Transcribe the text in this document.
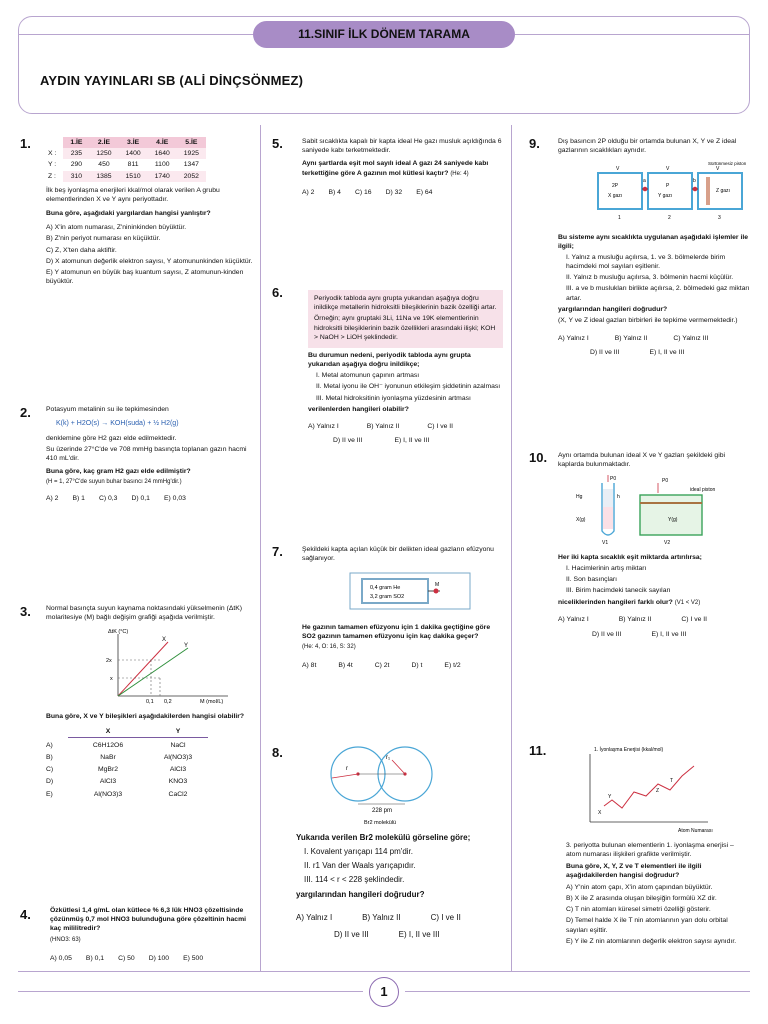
11.SINIF İLK DÖNEM TARAMA
AYDIN YAYINLARI SB (ALİ DİNÇSÖNMEZ)
1.
		1.İE	2.İE	3.İE	4.İE	5.İE
X :	235	1250	1400	1640	1925
Y :	290	450	811	1100	1347
Z :	310	1385	1510	1740	2052

İlk beş iyonlaşma enerjileri kkal/mol olarak verilen A grubu elementlerinden X ve Y aynı periyottadır.

Buna göre, aşağıdaki yargılardan hangisi yanlıştır?

A) X'in atom numarası, Z'nininkinden büyüktür.

B) Z'nin periyot numarası en küçüktür.

C) Z, X'ten daha aktiftir.

D) X atomunun değerlik elektron sayısı, Y atomununkinden küçüktür.

E) Y atomunun en büyük baş kuantum sayısı, Z atomunun-kinden büyüktür.

2. Potasyum metalinin su ile tepkimesinden

K(k) + H2O(s) → KOH(suda) + ½ H2(g)

denklemine göre H2 gazı elde edilmektedir.

Su üzerinde 27°C'de ve 708 mmHg basınçta toplanan gazın hacmi 410 mL'dir.

Buna göre, kaç gram H2 gazı elde edilmiştir?

(H = 1, 27°C'de suyun buhar basıncı 24 mmHg'dir.)

A) 2 B) 1 C) 0,3 D) 0,1 E) 0,03
3. Normal basınçta suyun kaynama noktasındaki yükselmenin (ΔtK) molaritesiye (M) bağlı değişim grafiği aşağıda verilmiştir.

ΔtK (°C)
M (mol/L)
2x
x
0,1 0,2
X
Y

Buna göre, X ve Y bileşikleri aşağıdakilerden hangisi olabilir?

X	Y
A)	C6H12O6	NaCl
B)	NaBr	Al(NO3)3
C)	MgBr2	AlCl3
D)	AlCl3	KNO3
E)	Al(NO3)3	CaCl2
4.	Özkütlesi 1,4 g/mL olan kütlece % 6,3 lük HNO3 çözeltisinde çözünmüş 0,7 mol HNO3 bulunduğuna göre çözeltinin hacmi kaç mililitredir?

(HNO3: 63)

A) 0,05 B) 0,1 C) 50 D) 100 E) 500
5.	Sabit sıcaklıkta kapalı bir kapta ideal He gazı musluk açıldığında 6 saniyede kabı terketmektedir.

Aynı şartlarda eşit mol sayılı ideal A gazı 24 saniyede kabı terkettiğine göre A gazının mol kütlesi kaçtır? (He: 4)

A) 2 B) 4 C) 16 D) 32 E) 64
6.	Periyodik tabloda aynı grupta yukarıdan aşağıya doğru inildikçe metallerin hidroksitli bileşiklerinin bazik özelliği artar.

Örneğin; aynı gruptaki 3Li, 11Na ve 19K elementlerinin hidroksitli bileşiklerinin bazik özellikleri arasındaki ilişki; KOH > NaOH > LiOH şeklindedir.

Bu durumun nedeni, periyodik tabloda aynı grupta yukarıdan aşağıya doğru inildikçe;

I. Metal atomunun çapının artması

II. Metal iyonu ile OH⁻ iyonunun etkileşim şiddetinin azalması

III. Metal hidroksitinin iyonlaşma yüzdesinin artması

verilenlerden hangileri olabilir?

A) Yalnız I	B) Yalnız II	C) I ve II
D) II ve III	E) I, II ve III
7.	Şekildeki kapta açılan küçük bir delikten ideal gazların efüzyonu sağlanıyor.

0,4 gram He
3,2 gram SO2
M

He gazının tamamen efüzyonu için 1 dakika geçtiğine göre SO2 gazının tamamen efüzyonu için kaç dakika geçer?

(He: 4, O: 16, S: 32)

A) 8t	B) 4t	C) 2t	D) t	E) t/2
8.
r
r₁
228 pm
Br2 molekülü

Yukarıda verilen Br2 molekülü görseline göre;

I. Kovalent yarıçapı 114 pm'dir.

II. r1 Van der Waals yarıçapıdır.

III. 114 < r < 228 şeklindedir.

yargılarından hangileri doğrudur?

A) Yalnız I	B) Yalnız II	C) I ve II
D) II ve III	E) I, II ve III
9.	Dış basıncın 2P olduğu bir ortamda bulunan X, Y ve Z ideal gazlarının sıcaklıkları aynıdır.

Sürtünmesiz piston
V	V	V
2P
X gazı
P
Y gazı
Z gazı
a	b
1	2	3

Bu sisteme aynı sıcaklıkta uygulanan aşağıdaki işlemler ile ilgili;

I. Yalnız a musluğu açılırsa, 1. ve 3. bölmelerde birim hacimdeki mol sayıları eşitlenir.

II. Yalnız b musluğu açılırsa, 3. bölmenin hacmi küçülür.

III. a ve b muslukları birlikte açılırsa, 2. bölmedeki gaz miktarı artar.

yargılarından hangileri doğrudur?

(X, Y ve Z ideal gazları birbirleri ile tepkime vermemektedir.)

A) Yalnız I	B) Yalnız II	C) Yalnız III
D) II ve III	E) I, II ve III
10. Aynı ortamda bulunan ideal X ve Y gazları şekildeki gibi kaplarda bulunmaktadır.

P0	P0
Hg	h
X(g)	Y(g)
V1	V2
ideal piston

Her iki kapta sıcaklık eşit miktarda artırılırsa;

I. Hacimlerinin artış miktarı

II. Son basınçları

III. Birim hacimdeki tanecik sayıları

niceliklerinden hangileri farklı olur? (V1 < V2)

A) Yalnız I	B) Yalnız II	C) I ve II
D) II ve III	E) I, II ve III
11.	1. İyonlaşma Enerjisi (kkal/mol)
Atom Numarası
X
Y
Z
T

3. periyotta bulunan elementlerin 1. iyonlaşma enerjisi – atom numarası ilişkileri grafikte verilmiştir.

Buna göre, X, Y, Z ve T elementleri ile ilgili aşağıdakilerden hangisi doğrudur?

A) Y'nin atom çapı, X'in atom çapından büyüktür.

B) X ile Z arasında oluşan bileşiğin formülü XZ dir.

C) T nin atomları küresel simetri özelliği gösterir.

D) Temel halde X ile T nin atomlarının yarı dolu orbital sayıları eşittir.

E) Y ile Z nin atomlarının değerlik elektron sayısı aynıdır.

1
